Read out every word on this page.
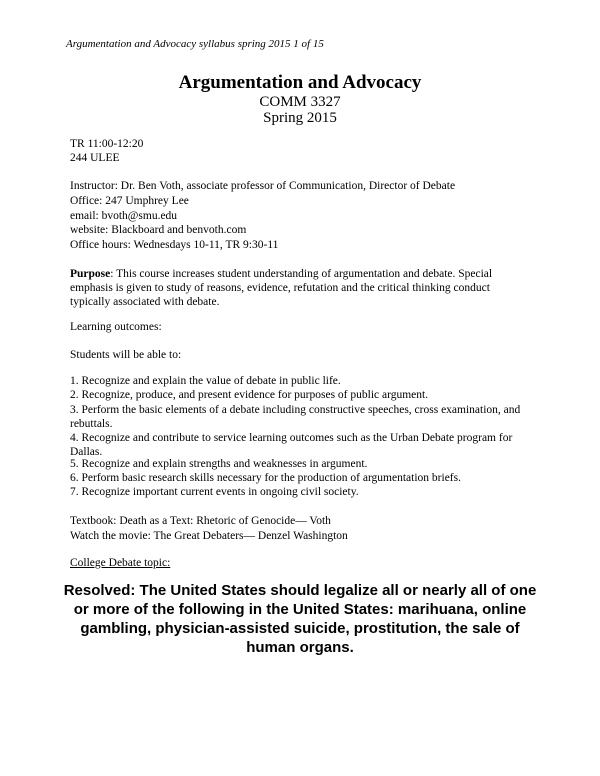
Argumentation and Advocacy syllabus spring 2015 1 of 15
Argumentation and Advocacy
COMM 3327
Spring 2015
TR 11:00-12:20
244 ULEE
Instructor: Dr. Ben Voth, associate professor of Communication, Director of Debate
Office: 247 Umphrey Lee
email: bvoth@smu.edu
website: Blackboard and benvoth.com
Office hours: Wednesdays 10-11, TR 9:30-11
Purpose: This course increases student understanding of argumentation and debate. Special emphasis is given to study of reasons, evidence, refutation and the critical thinking conduct typically associated with debate.
Learning outcomes:
Students will be able to:
1. Recognize and explain the value of debate in public life.
2. Recognize, produce, and present evidence for purposes of public argument.
3. Perform the basic elements of a debate including constructive speeches, cross examination, and rebuttals.
4. Recognize and contribute to service learning outcomes such as the Urban Debate program for Dallas.
5. Recognize and explain strengths and weaknesses in argument.
6. Perform basic research skills necessary for the production of argumentation briefs.
7. Recognize important current events in ongoing civil society.
Textbook: Death as a Text: Rhetoric of Genocide— Voth
Watch the movie: The Great Debaters— Denzel Washington
College Debate topic:
Resolved: The United States should legalize all or nearly all of one or more of the following in the United States: marihuana, online gambling, physician-assisted suicide, prostitution, the sale of human organs.
